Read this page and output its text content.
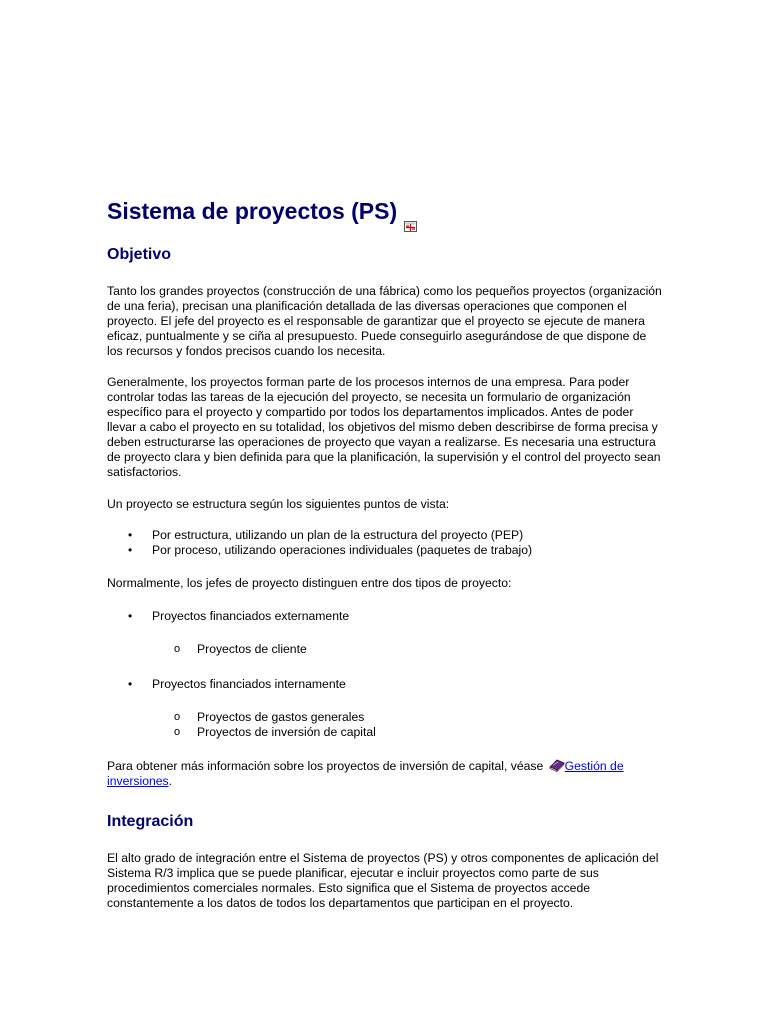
Sistema de proyectos (PS)
Objetivo

Tanto los grandes proyectos (construcción de una fábrica) como los pequeños proyectos (organización de una feria), precisan una planificación detallada de las diversas operaciones que componen el proyecto. El jefe del proyecto es el responsable de garantizar que el proyecto se ejecute de manera eficaz, puntualmente y se ciña al presupuesto. Puede conseguirlo asegurándose de que dispone de los recursos y fondos precisos cuando los necesita.

Generalmente, los proyectos forman parte de los procesos internos de una empresa. Para poder controlar todas las tareas de la ejecución del proyecto, se necesita un formulario de organización específico para el proyecto y compartido por todos los departamentos implicados. Antes de poder llevar a cabo el proyecto en su totalidad, los objetivos del mismo deben describirse de forma precisa y deben estructurarse las operaciones de proyecto que vayan a realizarse. Es necesaria una estructura de proyecto clara y bien definida para que la planificación, la supervisión y el control del proyecto sean satisfactorios.

Un proyecto se estructura según los siguientes puntos de vista:

• Por estructura, utilizando un plan de la estructura del proyecto (PEP)
• Por proceso, utilizando operaciones individuales (paquetes de trabajo)

Normalmente, los jefes de proyecto distinguen entre dos tipos de proyecto:

• Proyectos financiados externamente
o Proyectos de cliente
• Proyectos financiados internamente
o Proyectos de gastos generales
o Proyectos de inversión de capital

Para obtener más información sobre los proyectos de inversión de capital, véase Gestión de inversiones.

Integración

El alto grado de integración entre el Sistema de proyectos (PS) y otros componentes de aplicación del Sistema R/3 implica que se puede planificar, ejecutar e incluir proyectos como parte de sus procedimientos comerciales normales. Esto significa que el Sistema de proyectos accede constantemente a los datos de todos los departamentos que participan en el proyecto.
